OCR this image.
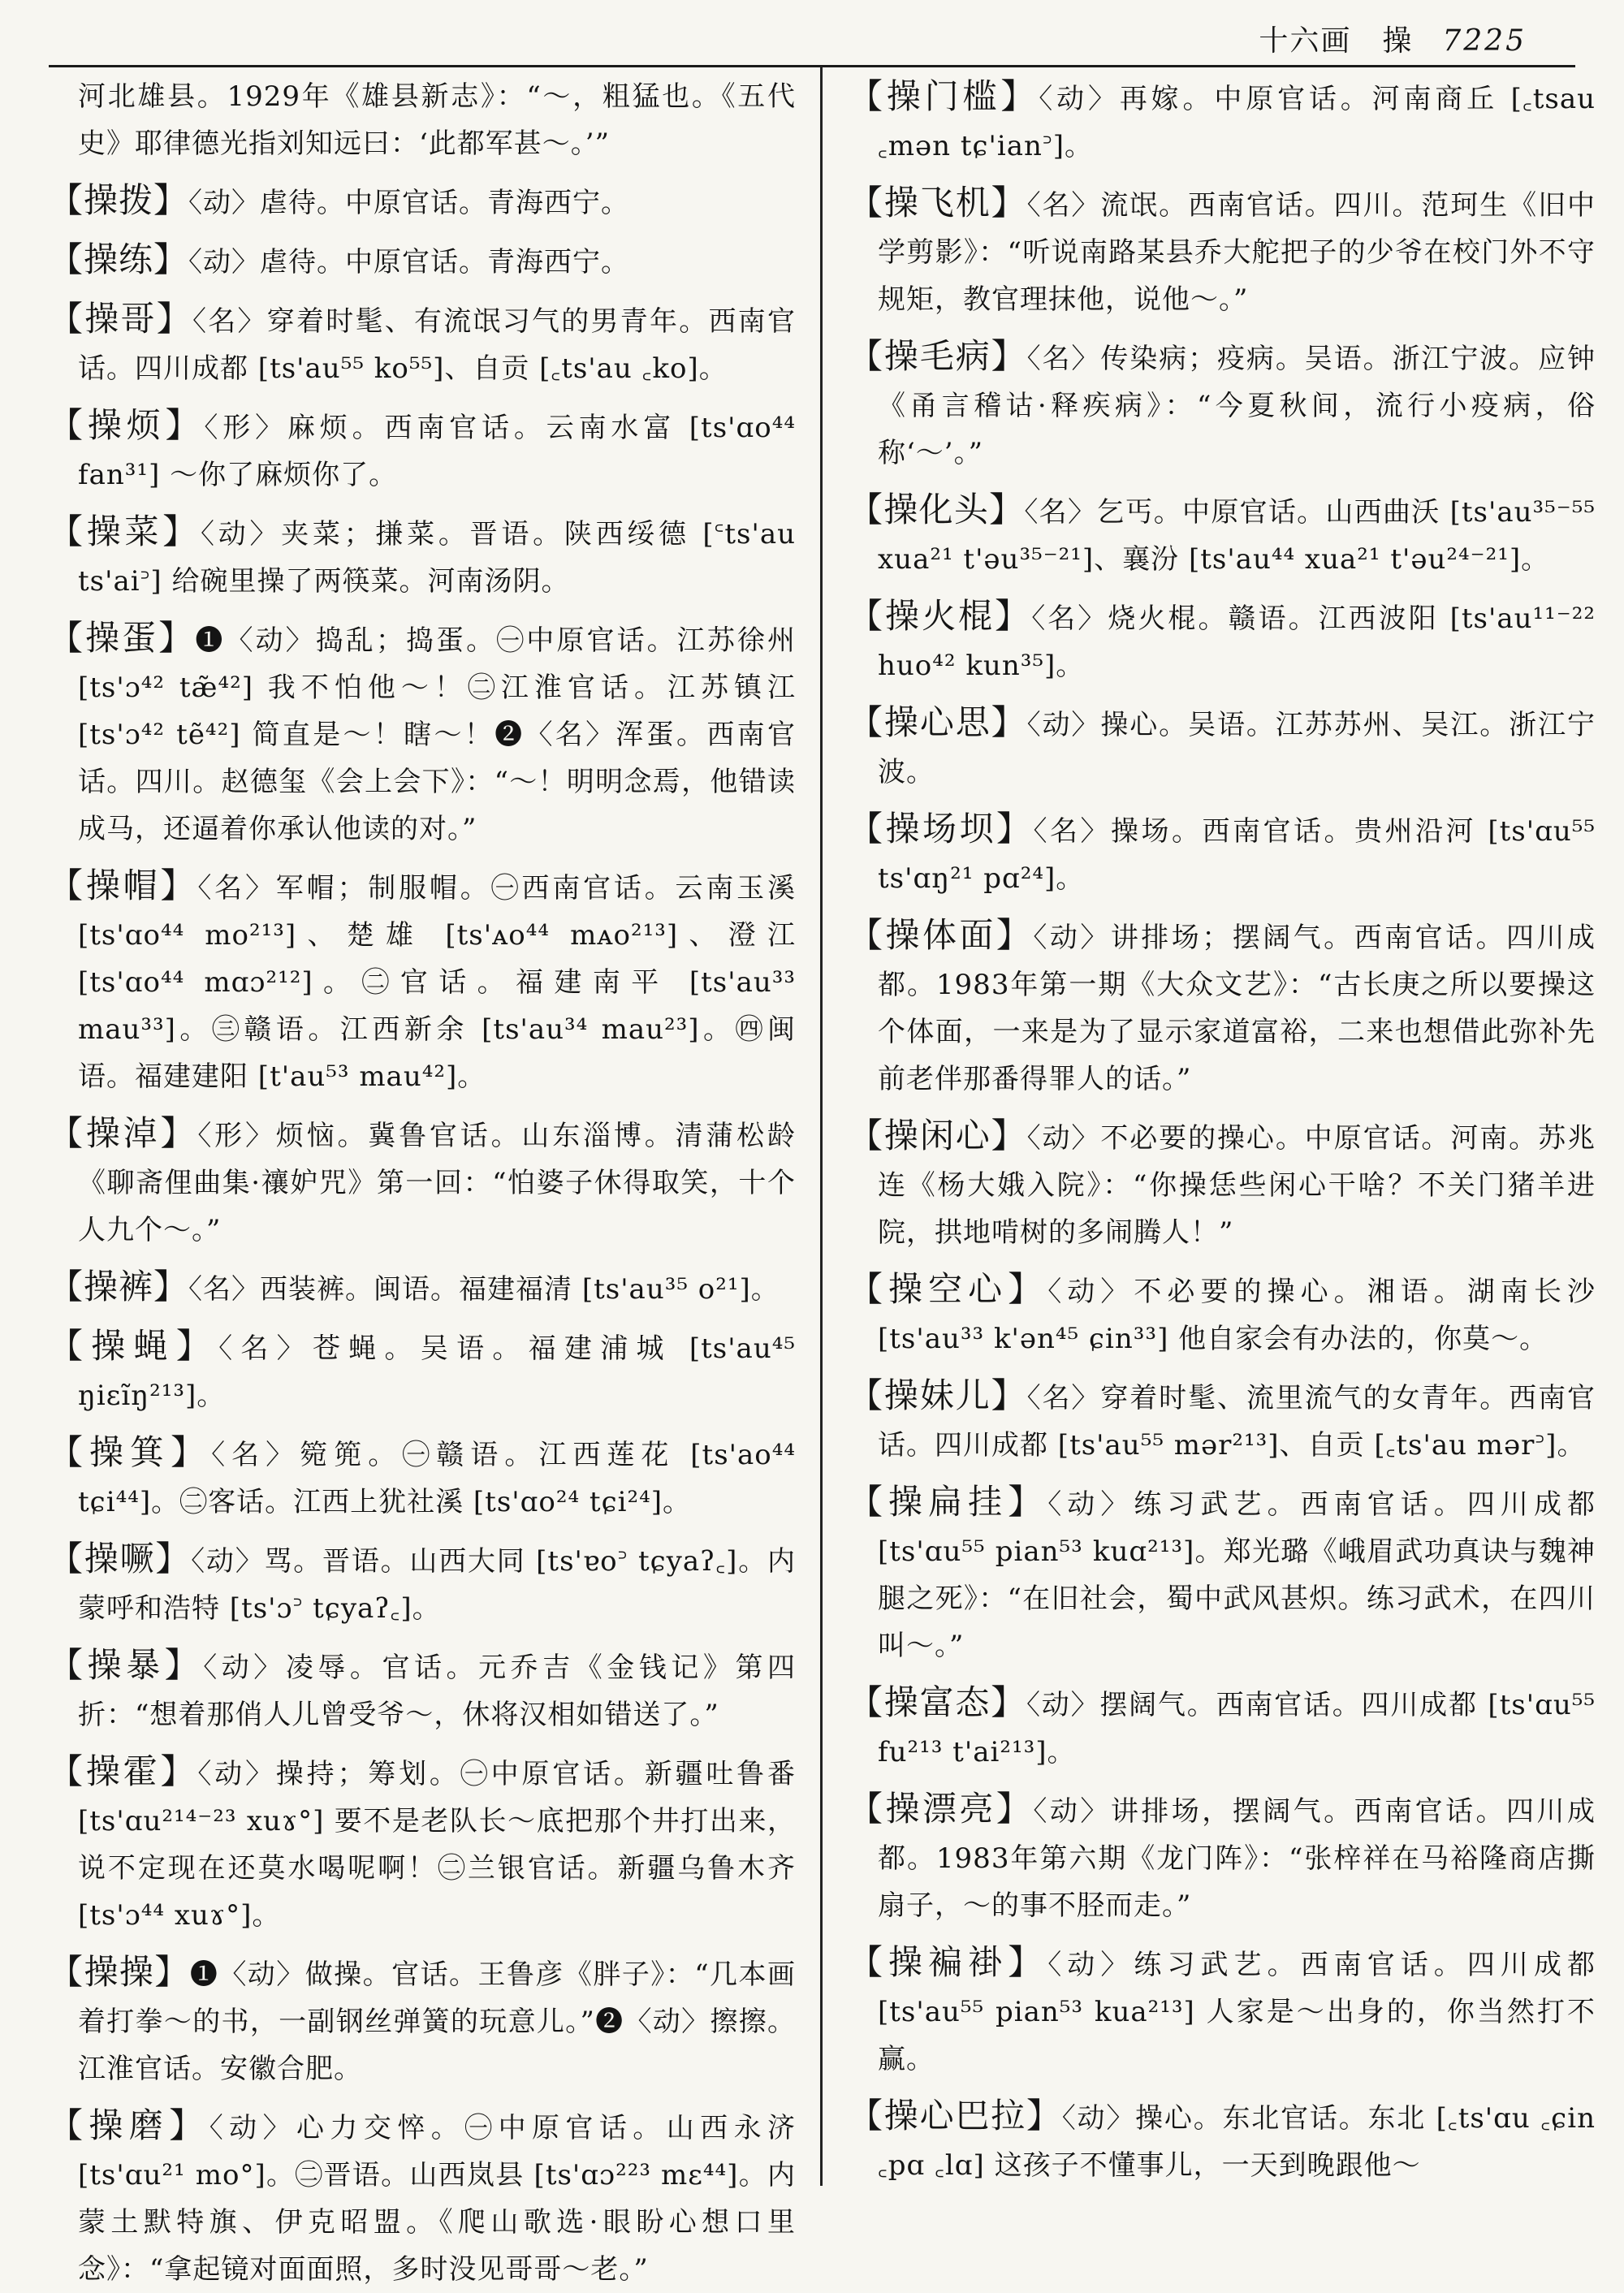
十六画　操 7225
河北雄县。1929年《雄县新志》：“～，粗猛也。《五代史》耶律德光指刘知远曰：‘此都军甚～。’”
【操拨】〈动〉虐待。中原官话。青海西宁。
【操练】〈动〉虐待。中原官话。青海西宁。
【操哥】〈名〉穿着时髦、有流氓习气的男青年。西南官话。四川成都 [ts'au⁵⁵ ko⁵⁵]、自贡 [꜀ts'au ꜀ko]。
【操烦】〈形〉麻烦。西南官话。云南水富 [ts'ɑo⁴⁴ fan³¹] ～你了麻烦你了。
【操菜】〈动〉夹菜；搛菜。晋语。陕西绥德 [꜂ts'au ts'ai꜄] 给碗里操了两筷菜。河南汤阴。
【操蛋】❶〈动〉捣乱；捣蛋。㊀中原官话。江苏徐州 [ts'ɔ⁴² tæ̃⁴²] 我不怕他～！㊁江淮官话。江苏镇江 [ts'ɔ⁴² tẽ⁴²] 简直是～！瞎～！❷〈名〉浑蛋。西南官话。四川。赵德玺《会上会下》：“～！明明念焉，他错读成马，还逼着你承认他读的对。”
【操帽】〈名〉军帽；制服帽。㊀西南官话。云南玉溪 [ts'ɑo⁴⁴ mo²¹³]、楚雄 [ts'ᴀo⁴⁴ mᴀo²¹³]、澄江 [ts'ɑo⁴⁴ mɑɔ²¹²]。㊁官话。福建南平 [ts'au³³ mau³³]。㊂赣语。江西新余 [ts'au³⁴ mau²³]。㊃闽语。福建建阳 [t'au⁵³ mau⁴²]。
【操淖】〈形〉烦恼。冀鲁官话。山东淄博。清蒲松龄《聊斋俚曲集·禳妒咒》第一回：“怕婆子休得取笑，十个人九个～。”
【操裤】〈名〉西装裤。闽语。福建福清 [ts'au³⁵ o²¹]。
【操蝇】〈名〉苍蝇。吴语。福建浦城 [ts'au⁴⁵ ŋiɛĩŋ²¹³]。
【操箕】〈名〉箢篼。㊀赣语。江西莲花 [ts'ao⁴⁴ tɕi⁴⁴]。㊁客话。江西上犹社溪 [ts'ɑo²⁴ tɕi²⁴]。
【操噘】〈动〉骂。晋语。山西大同 [ts'ɐo꜄ tɕyaʔ꜀]。内蒙呼和浩特 [ts'ɔ꜄ tɕyaʔ꜀]。
【操暴】〈动〉凌辱。官话。元乔吉《金钱记》第四折：“想着那俏人儿曾受爷～，休将汉相如错送了。”
【操霍】〈动〉操持；筹划。㊀中原官话。新疆吐鲁番 [ts'ɑu²¹⁴⁻²³ xuɤ°] 要不是老队长～底把那个井打出来，说不定现在还莫水喝呢啊！㊁兰银官话。新疆乌鲁木齐 [ts'ɔ⁴⁴ xuɤ°]。
【操操】❶〈动〉做操。官话。王鲁彦《胖子》：“几本画着打拳～的书，一副钢丝弹簧的玩意儿。”❷〈动〉擦擦。江淮官话。安徽合肥。
【操磨】〈动〉心力交悴。㊀中原官话。山西永济 [ts'ɑu²¹ mo°]。㊁晋语。山西岚县 [ts'ɑɔ²²³ mɛ⁴⁴]。内蒙土默特旗、伊克昭盟。《爬山歌选·眼盼心想口里念》：“拿起镜对面面照，多时没见哥哥～老。”
【操门槛】〈动〉再嫁。中原官话。河南商丘 [꜀tsau ꜀mən tɕ'ian꜄]。
【操飞机】〈名〉流氓。西南官话。四川。范珂生《旧中学剪影》：“听说南路某县乔大舵把子的少爷在校门外不守规矩，教官理抹他，说他～。”
【操毛病】〈名〉传染病；疫病。吴语。浙江宁波。应钟《甬言稽诂·释疾病》：“今夏秋间，流行小疫病，俗称‘～’。”
【操化头】〈名〉乞丐。中原官话。山西曲沃 [ts'au³⁵⁻⁵⁵ xua²¹ t'əu³⁵⁻²¹]、襄汾 [ts'au⁴⁴ xua²¹ t'əu²⁴⁻²¹]。
【操火棍】〈名〉烧火棍。赣语。江西波阳 [ts'au¹¹⁻²² huo⁴² kun³⁵]。
【操心思】〈动〉操心。吴语。江苏苏州、吴江。浙江宁波。
【操场坝】〈名〉操场。西南官话。贵州沿河 [ts'ɑu⁵⁵ ts'ɑŋ²¹ pɑ²⁴]。
【操体面】〈动〉讲排场；摆阔气。西南官话。四川成都。1983年第一期《大众文艺》：“古长庚之所以要操这个体面，一来是为了显示家道富裕，二来也想借此弥补先前老伴那番得罪人的话。”
【操闲心】〈动〉不必要的操心。中原官话。河南。苏兆连《杨大娥入院》：“你操恁些闲心干啥？不关门猪羊进院，拱地啃树的多闹腾人！”
【操空心】〈动〉不必要的操心。湘语。湖南长沙 [ts'au³³ k'ən⁴⁵ ɕin³³] 他自家会有办法的，你莫～。
【操妹儿】〈名〉穿着时髦、流里流气的女青年。西南官话。四川成都 [ts'au⁵⁵ mər²¹³]、自贡 [꜀ts'au mər꜄]。
【操扁挂】〈动〉练习武艺。西南官话。四川成都 [ts'ɑu⁵⁵ pian⁵³ kuɑ²¹³]。郑光璐《峨眉武功真诀与魏神腿之死》：“在旧社会，蜀中武风甚炽。练习武术，在四川叫～。”
【操富态】〈动〉摆阔气。西南官话。四川成都 [ts'ɑu⁵⁵ fu²¹³ t'ai²¹³]。
【操漂亮】〈动〉讲排场，摆阔气。西南官话。四川成都。1983年第六期《龙门阵》：“张梓祥在马裕隆商店撕扇子，～的事不胫而走。”
【操褊褂】〈动〉练习武艺。西南官话。四川成都 [ts'au⁵⁵ pian⁵³ kua²¹³] 人家是～出身的，你当然打不赢。
【操心巴拉】〈动〉操心。东北官话。东北 [꜀ts'ɑu ꜀ɕin ꜀pɑ ꜀lɑ] 这孩子不懂事儿，一天到晚跟他～
